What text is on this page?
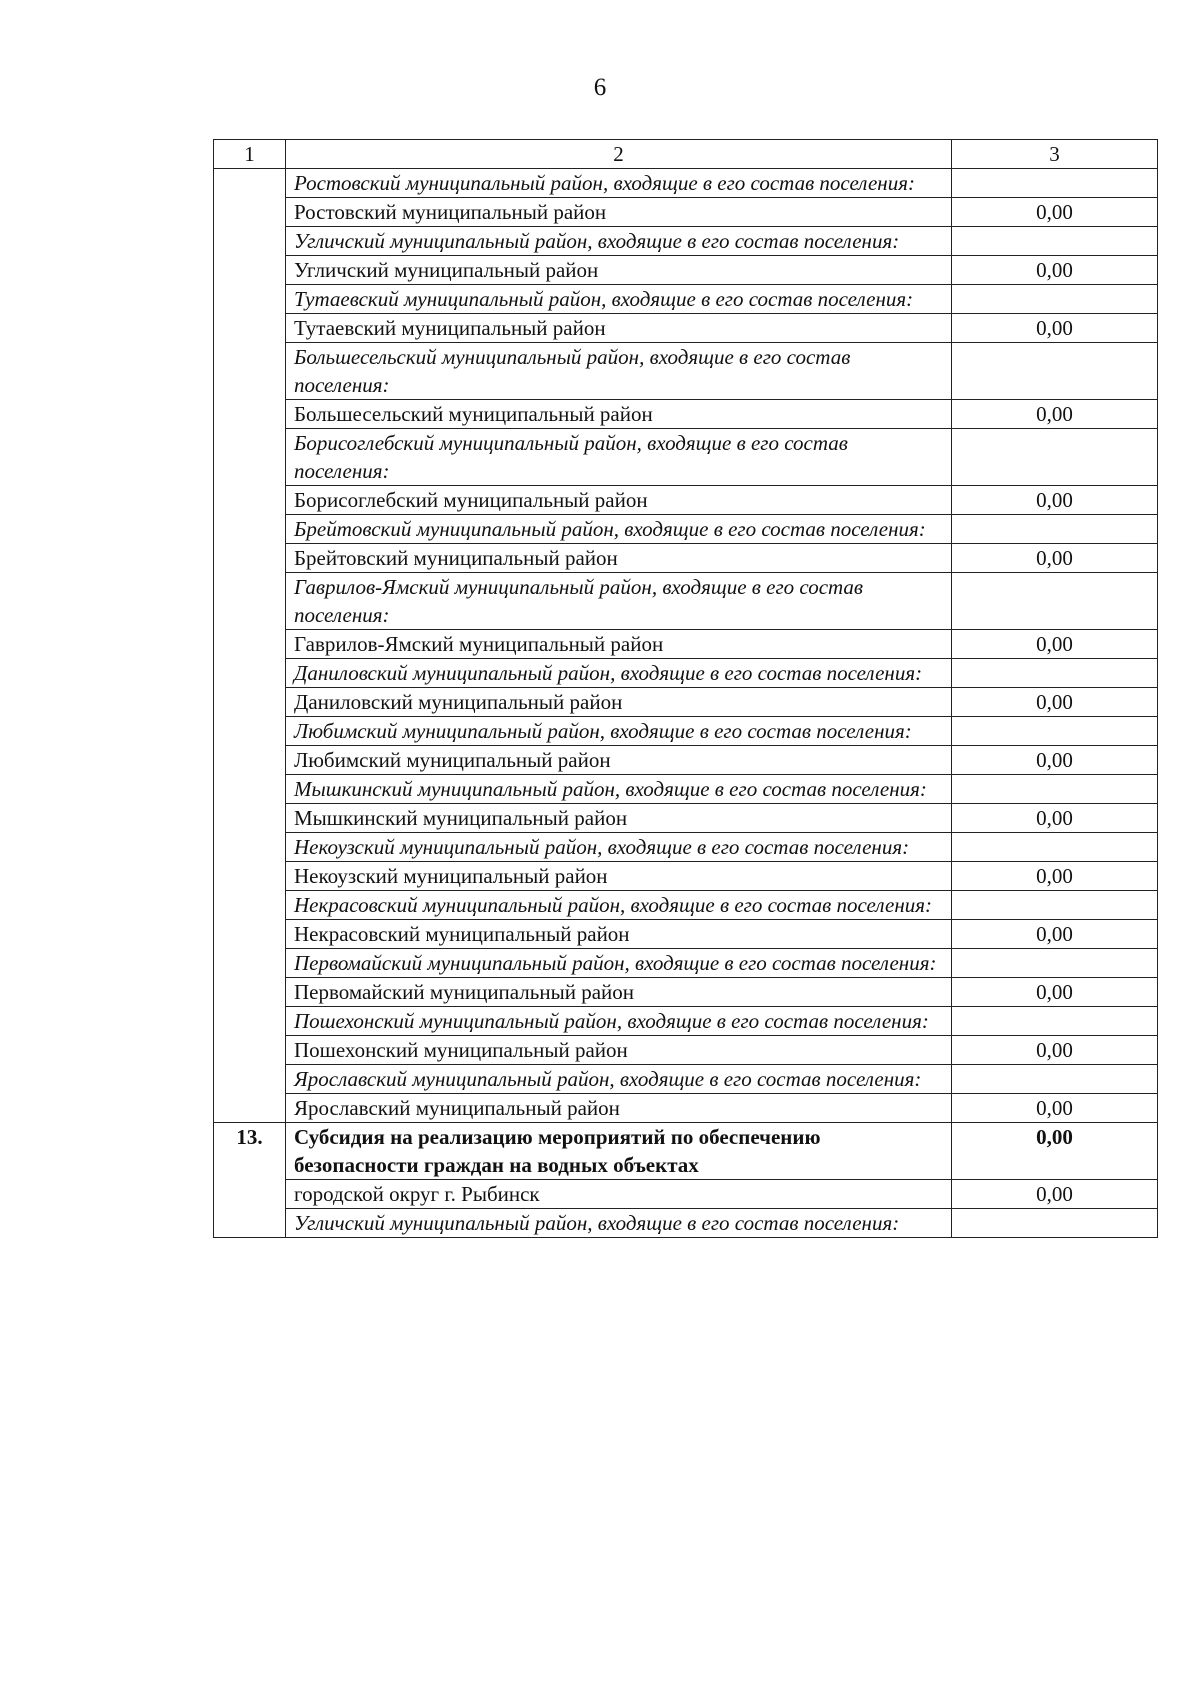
6
1	2	3
	Ростовский муниципальный район, входящие в его состав поселения:	
	Ростовский муниципальный район	0,00
	Угличский муниципальный район, входящие в его состав поселения:	
	Угличский муниципальный район	0,00
	Тутаевский муниципальный район, входящие в его состав поселения:	
	Тутаевский муниципальный район	0,00
	Большесельский муниципальный район, входящие в его состав поселения:	
	Большесельский муниципальный район	0,00
	Борисоглебский муниципальный район, входящие в его состав поселения:	
	Борисоглебский муниципальный район	0,00
	Брейтовский муниципальный район, входящие в его состав поселения:	
	Брейтовский муниципальный район	0,00
	Гаврилов-Ямский муниципальный район, входящие в его состав поселения:	
	Гаврилов-Ямский муниципальный район	0,00
	Даниловский муниципальный район, входящие в его состав поселения:	
	Даниловский муниципальный район	0,00
	Любимский муниципальный район, входящие в его состав поселения:	
	Любимский муниципальный район	0,00
	Мышкинский муниципальный район, входящие в его состав поселения:	
	Мышкинский муниципальный район	0,00
	Некоузский муниципальный район, входящие в его состав поселения:	
	Некоузский муниципальный район	0,00
	Некрасовский муниципальный район, входящие в его состав поселения:	
	Некрасовский муниципальный район	0,00
	Первомайский муниципальный район, входящие в его состав поселения:	
	Первомайский муниципальный район	0,00
	Пошехонский муниципальный район, входящие в его состав поселения:	
	Пошехонский муниципальный район	0,00
	Ярославский муниципальный район, входящие в его состав поселения:	
	Ярославский муниципальный район	0,00
13.	Субсидия на реализацию мероприятий по обеспечению безопасности граждан на водных объектах	0,00
	городской округ г. Рыбинск	0,00
	Угличский муниципальный район, входящие в его состав поселения:	
